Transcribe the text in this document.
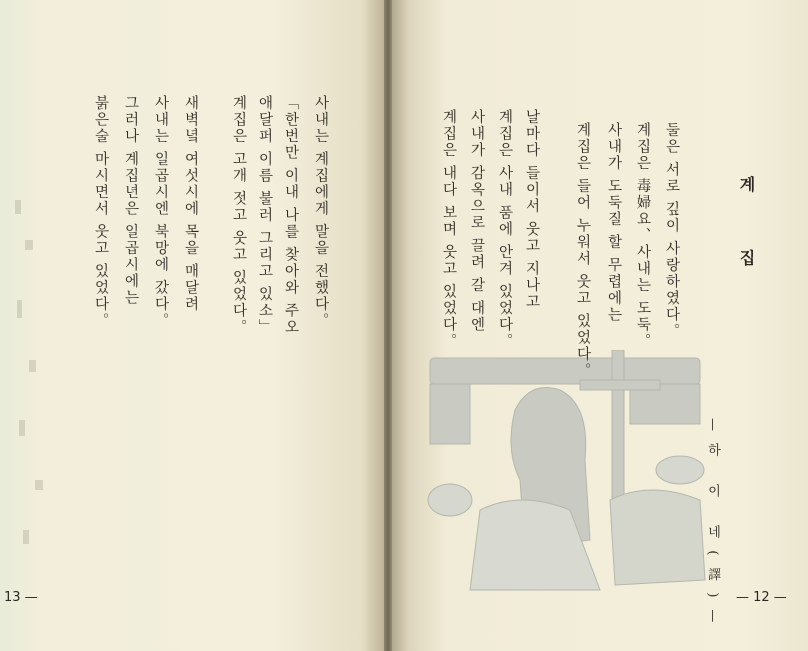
사내는 계집에게 말을 전했다。
「한번만 이내 나를 찾아와 주오
애달퍼 이름 불러 그리고 있소」
계집은 고개 젓고 웃고 있었다。
새벽녘 여섯시에 목을 매달려
사내는 일곱시엔 북망에 갔다。
그러나 계집년은 일곱시에는
붉은술 마시면서 웃고 있었다。
13 —
계 집
둘은 서로 깊이 사랑하였다。
계집은 毒婦요、사내는 도둑。
사내가 도둑질 할 무렵에는
계집은 들어 누워서 웃고 있었다。
날마다 들이서 웃고 지나고
계집은 사내 품에 안겨 있었다。
사내가 감옥으로 끌려 갈 대엔
계집은 내다 보며 웃고 있었다。
—하 이 네(譯)— — 12 —
